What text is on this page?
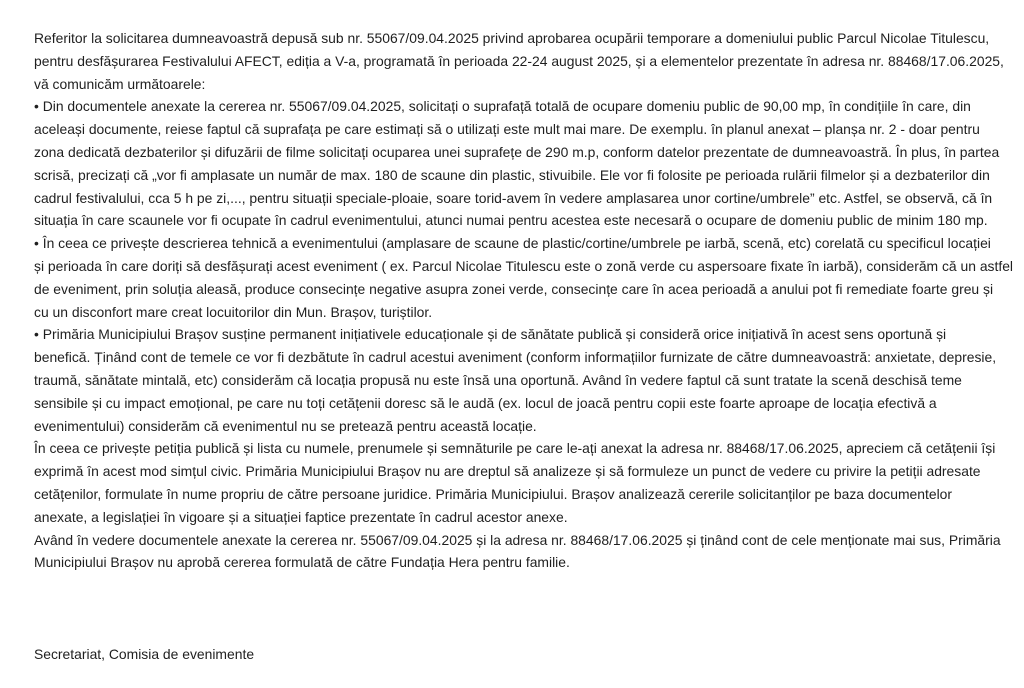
Referitor la solicitarea dumneavoastră depusă sub nr. 55067/09.04.2025 privind aprobarea ocupării temporare a domeniului public Parcul Nicolae Titulescu,
pentru desfășurarea Festivalului AFECT, ediția a V-a, programată în perioada 22-24 august 2025, și a elementelor prezentate în adresa nr. 88468/17.06.2025,
vă comunicăm următoarele:
• Din documentele anexate la cererea nr. 55067/09.04.2025, solicitați o suprafață totală de ocupare domeniu public de 90,00 mp, în condițiile în care, din
aceleași documente, reiese faptul că suprafața pe care estimați să o utilizați este mult mai mare. De exemplu. în planul anexat – planșa nr. 2 - doar pentru
zona dedicată dezbaterilor și difuzării de filme solicitați ocuparea unei suprafețe de 290 m.p, conform datelor prezentate de dumneavoastră. În plus, în partea
scrisă, precizați că „vor fi amplasate un număr de max. 180 de scaune din plastic, stivuibile. Ele vor fi folosite pe perioada rulării filmelor și a dezbaterilor din
cadrul festivalului, cca 5 h pe zi,..., pentru situații speciale-ploaie, soare torid-avem în vedere amplasarea unor cortine/umbrele” etc. Astfel, se observă, că în
situația în care scaunele vor fi ocupate în cadrul evenimentului, atunci numai pentru acestea este necesară o ocupare de domeniu public de minim 180 mp.
• În ceea ce privește descrierea tehnică a evenimentului (amplasare de scaune de plastic/cortine/umbrele pe iarbă, scenă, etc) corelată cu specificul locației
și perioada în care doriți să desfășurați acest eveniment ( ex. Parcul Nicolae Titulescu este o zonă verde cu aspersoare fixate în iarbă), considerăm că un astfel
de eveniment, prin soluția aleasă, produce consecințe negative asupra zonei verde, consecințe care în acea perioadă a anului pot fi remediate foarte greu și
cu un disconfort mare creat locuitorilor din Mun. Brașov, turiștilor.
• Primăria Municipiului Brașov susține permanent inițiativele educaționale și de sănătate publică și consideră orice inițiativă în acest sens oportună și
benefică. Ținând cont de temele ce vor fi dezbătute în cadrul acestui aveniment (conform informațiilor furnizate de către dumneavoastră: anxietate, depresie,
traumă, sănătate mintală, etc) considerăm că locația propusă nu este însă una oportună. Având în vedere faptul că sunt tratate la scenă deschisă teme
sensibile și cu impact emoțional, pe care nu toți cetățenii doresc să le audă (ex. locul de joacă pentru copii este foarte aproape de locația efectivă a
evenimentului) considerăm că evenimentul nu se pretează pentru această locație.
În ceea ce privește petiția publică și lista cu numele, prenumele și semnăturile pe care le-ați anexat la adresa nr. 88468/17.06.2025, apreciem că cetățenii își
exprimă în acest mod simțul civic. Primăria Municipiului Brașov nu are dreptul să analizeze și să formuleze un punct de vedere cu privire la petiții adresate
cetățenilor, formulate în nume propriu de către persoane juridice. Primăria Municipiului. Brașov analizează cererile solicitanților pe baza documentelor
anexate, a legislației în vigoare și a situației faptice prezentate în cadrul acestor anexe.
Având în vedere documentele anexate la cererea nr. 55067/09.04.2025 și la adresa nr. 88468/17.06.2025 și ținând cont de cele menționate mai sus, Primăria
Municipiului Brașov nu aprobă cererea formulată de către Fundația Hera pentru familie.
Secretariat, Comisia de evenimente
